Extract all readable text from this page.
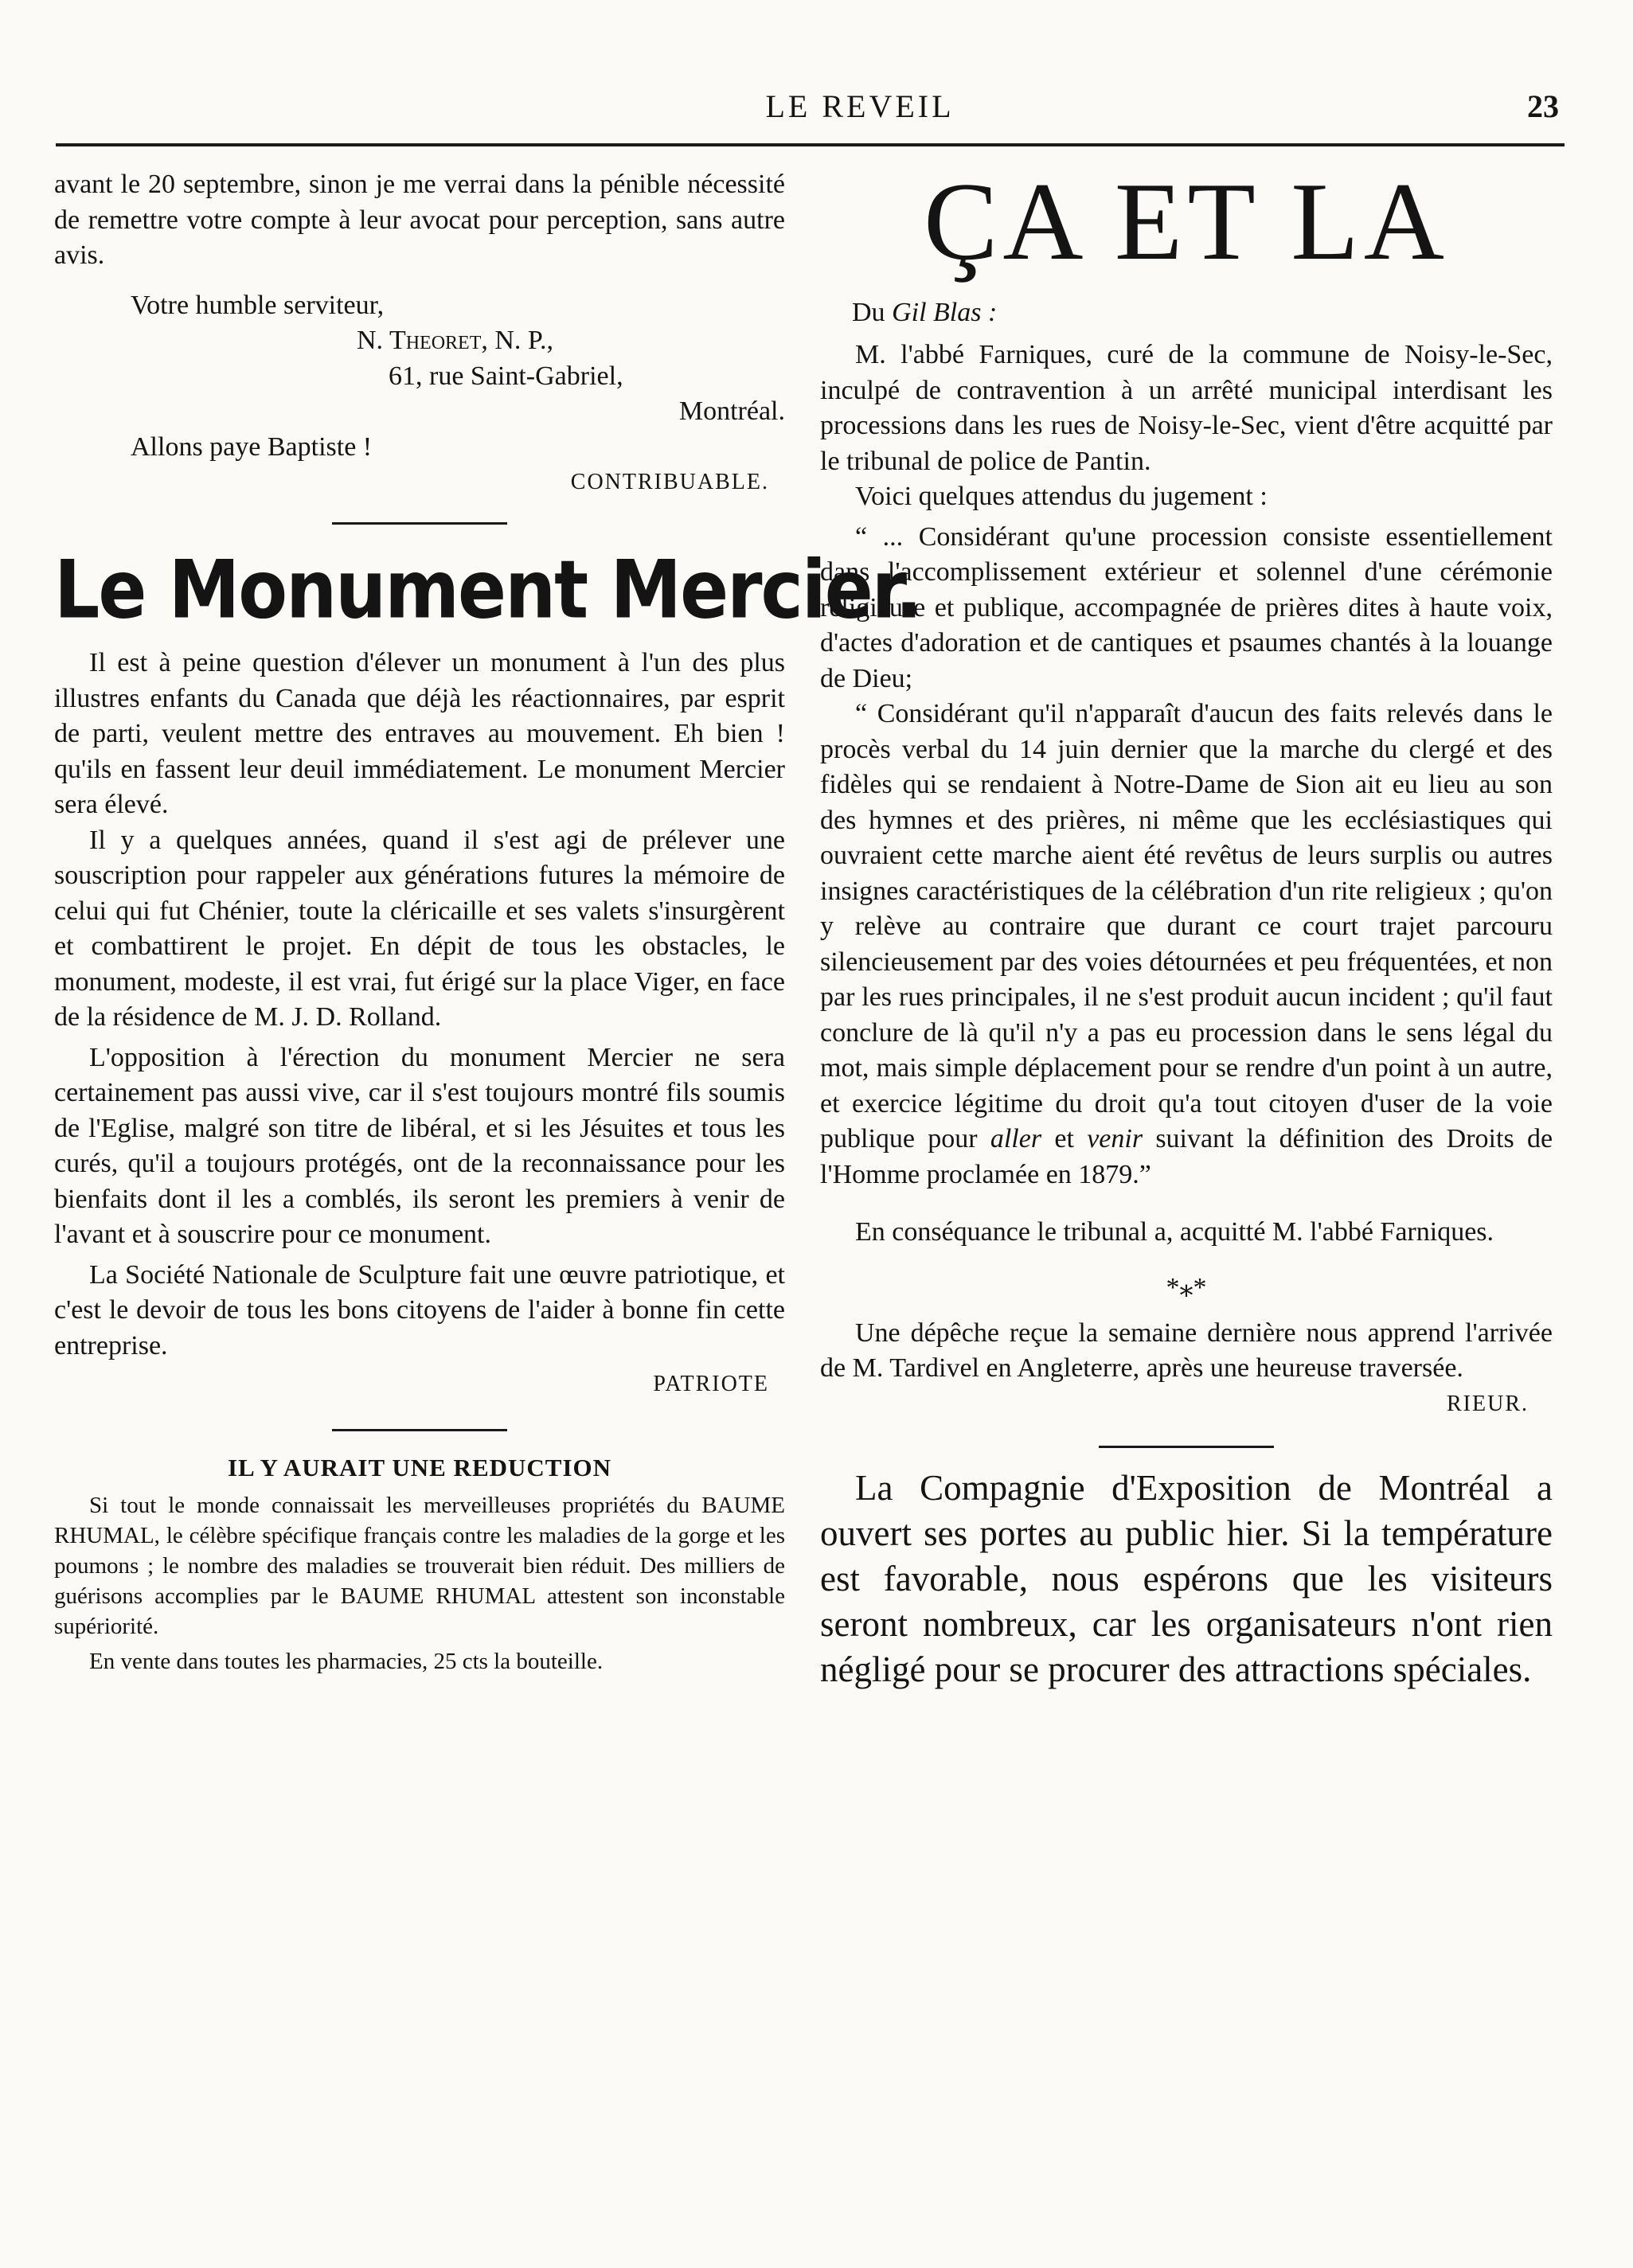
LE REVEIL	23

avant le 20 septembre, sinon je me verrai dans la pénible nécessité de remettre votre compte à leur avocat pour perception, sans autre avis.

Votre humble serviteur,

N. Theoret, N. P.,

61, rue Saint-Gabriel,

Montréal.

Allons paye Baptiste !

CONTRIBUABLE.

Le Monument Mercier.

Il est à peine question d'élever un monument à l'un des plus illustres enfants du Canada que déjà les réactionnaires, par esprit de parti, veulent mettre des entraves au mouvement. Eh bien ! qu'ils en fassent leur deuil immédiatement. Le monument Mercier sera élevé.

Il y a quelques années, quand il s'est agi de prélever une souscription pour rappeler aux générations futures la mémoire de celui qui fut Chénier, toute la cléricaille et ses valets s'insurgèrent et combattirent le projet. En dépit de tous les obstacles, le monument, modeste, il est vrai, fut érigé sur la place Viger, en face de la résidence de M. J. D. Rolland.

L'opposition à l'érection du monument Mercier ne sera certainement pas aussi vive, car il s'est toujours montré fils soumis de l'Eglise, malgré son titre de libéral, et si les Jésuites et tous les curés, qu'il a toujours protégés, ont de la reconnaissance pour les bienfaits dont il les a comblés, ils seront les premiers à venir de l'avant et à souscrire pour ce monument.

La Société Nationale de Sculpture fait une œuvre patriotique, et c'est le devoir de tous les bons citoyens de l'aider à bonne fin cette entreprise.

PATRIOTE

IL Y AURAIT UNE REDUCTION

Si tout le monde connaissait les merveilleuses propriétés du BAUME RHUMAL, le célèbre spécifique français contre les maladies de la gorge et les poumons ; le nombre des maladies se trouverait bien réduit. Des milliers de guérisons accomplies par le BAUME RHUMAL attestent son inconstable supériorité.

En vente dans toutes les pharmacies, 25 cts la bouteille.

ÇA ET LA
Du Gil Blas :

M. l'abbé Farniques, curé de la commune de Noisy-le-Sec, inculpé de contravention à un arrêté municipal interdisant les processions dans les rues de Noisy-le-Sec, vient d'être acquitté par le tribunal de police de Pantin.

Voici quelques attendus du jugement :

“ ... Considérant qu'une procession consiste essentiellement dans l'accomplissement extérieur et solennel d'une cérémonie religieuse et publique, accompagnée de prières dites à haute voix, d'actes d'adoration et de cantiques et psaumes chantés à la louange de Dieu;

“ Considérant qu'il n'apparaît d'aucun des faits relevés dans le procès verbal du 14 juin dernier que la marche du clergé et des fidèles qui se rendaient à Notre-Dame de Sion ait eu lieu au son des hymnes et des prières, ni même que les ecclésiastiques qui ouvraient cette marche aient été revêtus de leurs surplis ou autres insignes caractéristiques de la célébration d'un rite religieux ; qu'on y relève au contraire que durant ce court trajet parcouru silencieusement par des voies détournées et peu fréquentées, et non par les rues principales, il ne s'est produit aucun incident ; qu'il faut conclure de là qu'il n'y a pas eu procession dans le sens légal du mot, mais simple déplacement pour se rendre d'un point à un autre, et exercice légitime du droit qu'a tout citoyen d'user de la voie publique pour aller et venir suivant la définition des Droits de l'Homme proclamée en 1879.”

En conséquance le tribunal a, acquitté M. l'abbé Farniques.

*⁎*

Une dépêche reçue la semaine dernière nous apprend l'arrivée de M. Tardivel en Angleterre, après une heureuse traversée.

RIEUR.

La Compagnie d'Exposition de Montréal a ouvert ses portes au public hier. Si la température est favorable, nous espérons que les visiteurs seront nombreux, car les organisateurs n'ont rien négligé pour se procurer des attractions spéciales.
